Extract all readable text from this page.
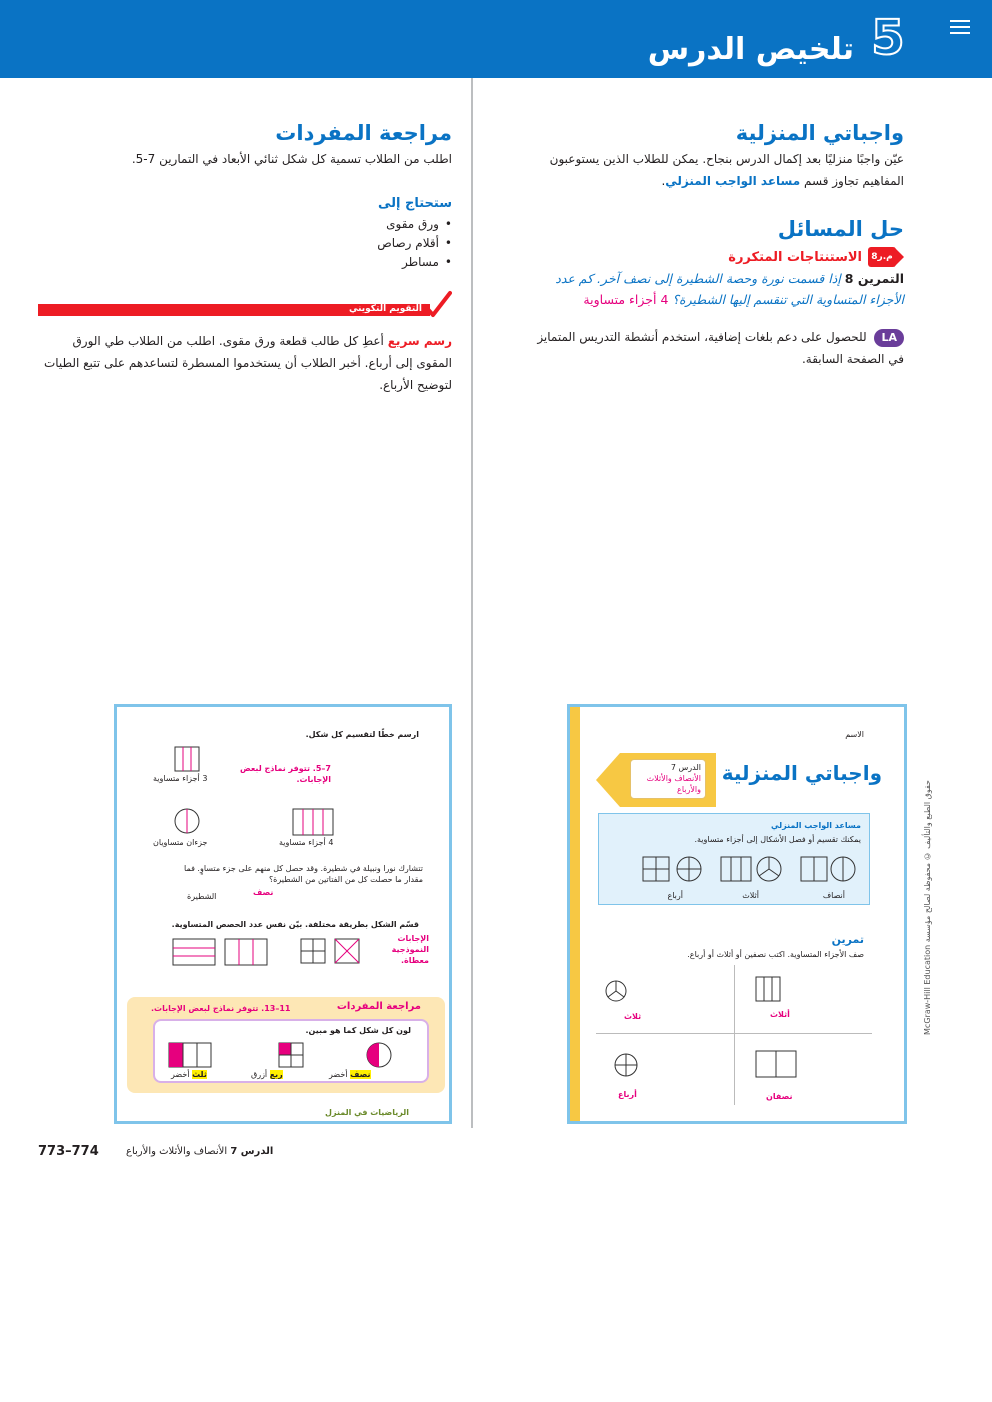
5
تلخيص الدرس
واجباتي المنزلية
عيّن واجبًا منزليًا بعد إكمال الدرس بنجاح. يمكن للطلاب الذين يستوعبون المفاهيم تجاوز قسم مساعد الواجب المنزلي.
حل المسائل
م.ر8
الاستنتاجات المتكررة
التمرين 8 إذا قسمت نورة وحصة الشطيرة إلى نصف آخر. كم عدد الأجزاء المتساوية التي تنقسم إليها الشطيرة؟ 4 أجزاء متساوية
LA للحصول على دعم بلغات إضافية، استخدم أنشطة التدريس المتمايز في الصفحة السابقة.
مراجعة المفردات
اطلب من الطلاب تسمية كل شكل ثنائي الأبعاد في التمارين 7-5.
ستحتاج إلى
• ورق مقوى
• أقلام رصاص
• مساطر
التقويم التكويني
رسم سريع أعطِ كل طالب قطعة ورق مقوى. اطلب من الطلاب طي الورق المقوى إلى أرباع. أخبر الطلاب أن يستخدموا المسطرة لتساعدهم على تتبع الطيات لتوضيح الأرباع.
الاسم
الدرس 7
الأنصاف والأثلاث والأرباع
واجباتي المنزلية
مساعد الواجب المنزلي
يمكنك تقسيم أو فصل الأشكال إلى أجزاء متساوية.
أنصاف
أثلاث
أرباع
تمرين
صف الأجزاء المتساوية. اكتب نصفين أو أثلاث أو أرباع.
ثلاث	أثلاث
أرباع	نصفان
حقوق الطبع والتأليف © محفوظة لصالح مؤسسة McGraw-Hill Education
ارسم خطًا لتقسيم كل شكل.
7–5. تتوفر نماذج لبعض الإجابات.
3 أجزاء متساوية
جزءان متساويان	4 أجزاء متساوية
تتشارك نورا ونبيلة في شطيرة. وقد حصل كل منهم على جزء متساوٍ. فما مقدار ما حصلت كل من الفتاتين من الشطيرة؟
نصف
الشطيرة
قسّم الشكل بطريقة مختلفة. بيّن نفس عدد الحصص المتساوية.
الإجابات النموذجية معطاة.
مراجعة المفردات
11–13. تتوفر نماذج لبعض الإجابات.
لون كل شكل كما هو مبين.
نصف أخضر
ربع أزرق
ثلث أخضر
الرياضيات في المنزل
773–774	الدرس 7 الأنصاف والأثلاث والأرباع
